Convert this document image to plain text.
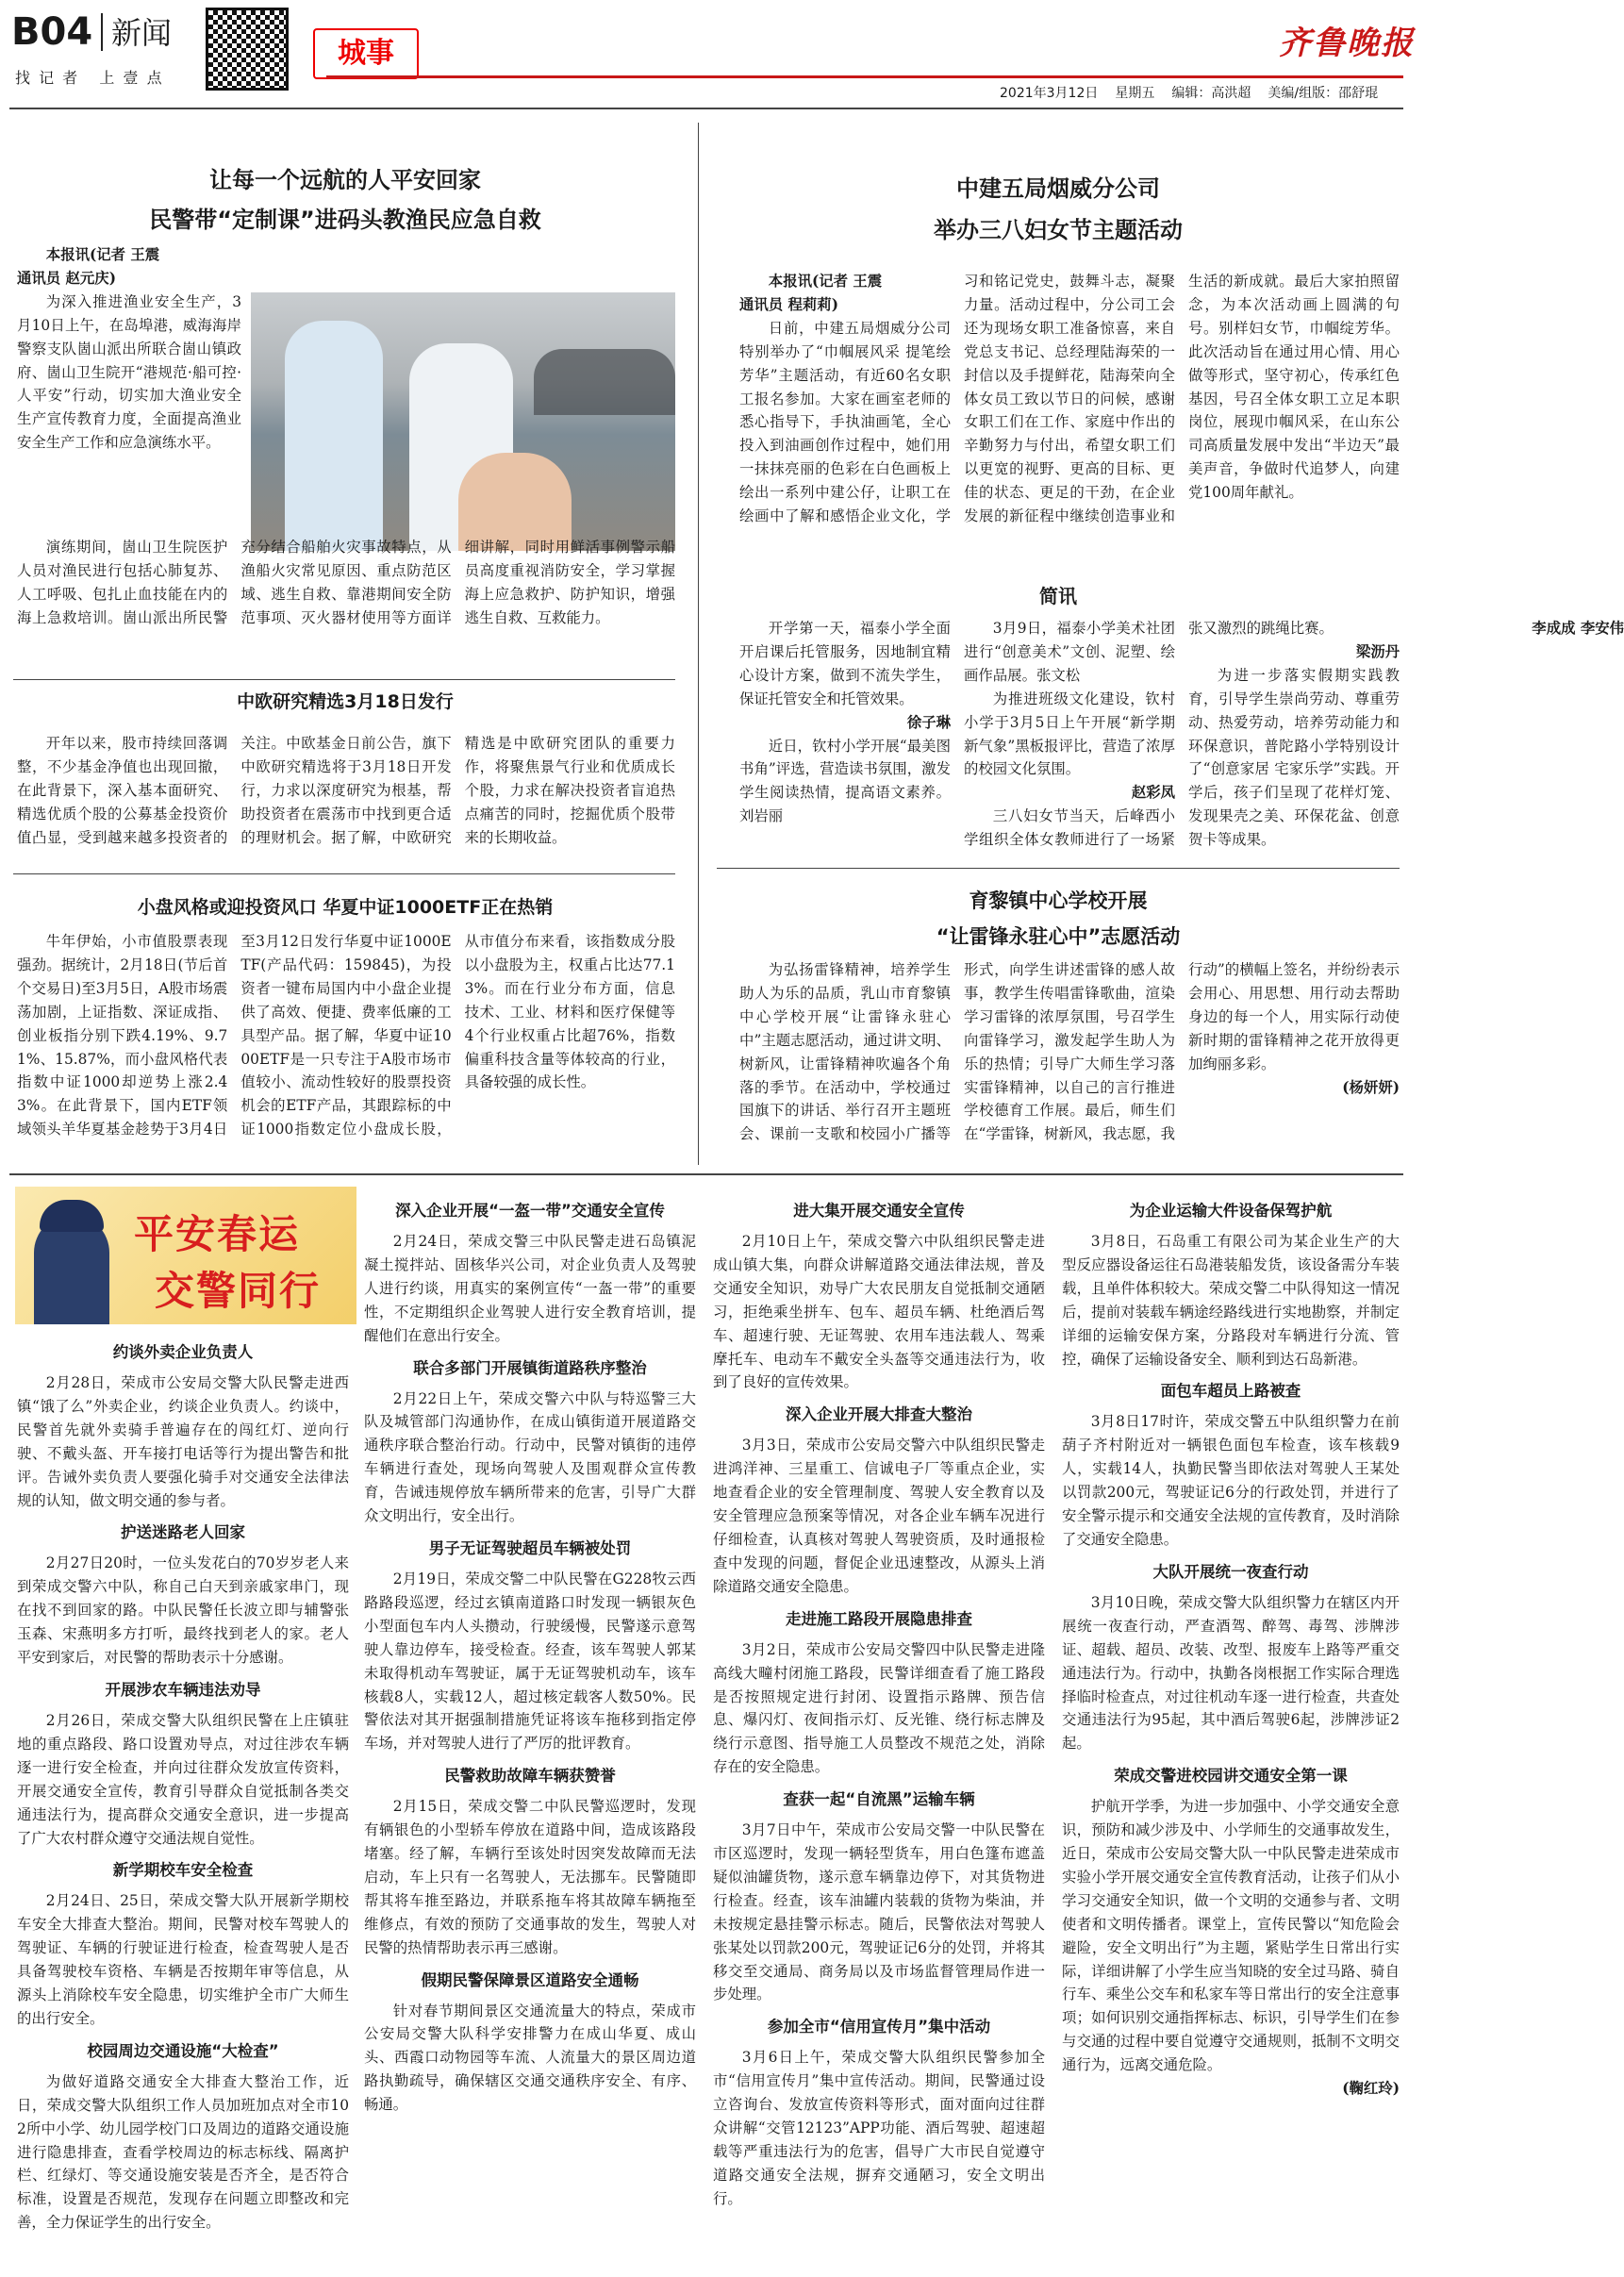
B04 新闻
找 记 者   上 壹 点
城事	齐鲁晚报
2021年3月12日 星期五 编辑：高洪超 美编/组版：邵舒琨
让每一个远航的人平安回家
民警带“定制课”进码头教渔民应急自救

本报讯(记者 王震

通讯员 赵元庆)

为深入推进渔业安全生产，3月10日上午，在岛埠港，威海海岸警察支队崮山派出所联合崮山镇政府、崮山卫生院开“港规范·船可控·人平安”行动，切实加大渔业安全生产宣传教育力度，全面提高渔业安全生产工作和应急演练水平。

演练期间，崮山卫生院医护人员对渔民进行包括心肺复苏、人工呼吸、包扎止血技能在内的海上急救培训。崮山派出所民警充分结合船舶火灾事故特点，从渔船火灾常见原因、重点防范区域、逃生自救、靠港期间安全防范事项、灭火器材使用等方面详细讲解，同时用鲜活事例警示船员高度重视消防安全，学习掌握海上应急救护、防护知识，增强逃生自救、互救能力。

中欧研究精选3月18日发行

开年以来，股市持续回落调整，不少基金净值也出现回撤，在此背景下，深入基本面研究、精选优质个股的公募基金投资价值凸显，受到越来越多投资者的关注。中欧基金日前公告，旗下中欧研究精选将于3月18日开发行，力求以深度研究为根基，帮助投资者在震荡市中找到更合适的理财机会。据了解，中欧研究精选是中欧研究团队的重要力作，将聚焦景气行业和优质成长个股，力求在解决投资者盲追热点痛苦的同时，挖掘优质个股带来的长期收益。

小盘风格或迎投资风口 华夏中证1000ETF正在热销

牛年伊始，小市值股票表现强劲。据统计，2月18日(节后首个交易日)至3月5日，A股市场震荡加剧，上证指数、深证成指、创业板指分别下跌4.19%、9.71%、15.87%，而小盘风格代表指数中证1000却逆势上涨2.43%。在此背景下，国内ETF领域领头羊华夏基金趁势于3月4日至3月12日发行华夏中证1000ETF(产品代码：159845)，为投资者一键布局国内中小盘企业提供了高效、便捷、费率低廉的工具型产品。据了解，华夏中证1000ETF是一只专注于A股市场市值较小、流动性较好的股票投资机会的ETF产品，其跟踪标的中证1000指数定位小盘成长股，从市值分布来看，该指数成分股以小盘股为主，权重占比达77.13%。而在行业分布方面，信息技术、工业、材料和医疗保健等4个行业权重占比超76%，指数偏重科技含量等体较高的行业，具备较强的成长性。

中建五局烟威分公司
举办三八妇女节主题活动

本报讯(记者 王震

通讯员 程莉莉)

日前，中建五局烟威分公司特别举办了“巾帼展风采 提笔绘芳华”主题活动，有近60名女职工报名参加。大家在画室老师的悉心指导下，手执油画笔，全心投入到油画创作过程中，她们用一抹抹亮丽的色彩在白色画板上绘出一系列中建公仔，让职工在绘画中了解和感悟企业文化，学习和铭记党史，鼓舞斗志，凝聚力量。活动过程中，分公司工会还为现场女职工准备惊喜，来自党总支书记、总经理陆海荣的一封信以及手提鲜花，陆海荣向全体女员工致以节日的问候，感谢女职工们在工作、家庭中作出的辛勤努力与付出，希望女职工们以更宽的视野、更高的目标、更佳的状态、更足的干劲，在企业发展的新征程中继续创造事业和生活的新成就。最后大家拍照留念，为本次活动画上圆满的句号。别样妇女节，巾帼绽芳华。此次活动旨在通过用心情、用心做等形式，坚守初心，传承红色基因，号召全体女职工立足本职岗位，展现巾帼风采，在山东公司高质量发展中发出“半边天”最美声音，争做时代追梦人，向建党100周年献礼。

简讯

开学第一天，福泰小学全面开启课后托管服务，因地制宜精心设计方案，做到不流失学生，保证托管安全和托管效果。

徐子琳

近日，钦村小学开展“最美图书角”评选，营造读书氛围，激发学生阅读热情，提高语文素养。刘岩丽

3月9日，福泰小学美术社团进行“创意美术”文创、泥塑、绘画作品展。张文松

为推进班级文化建设，钦村小学于3月5日上午开展“新学期 新气象”黑板报评比，营造了浓厚的校园文化氛围。

赵彩凤

三八妇女节当天，后峰西小学组织全体女教师进行了一场紧张又激烈的跳绳比赛。

梁沥丹

为进一步落实假期实践教育，引导学生崇尚劳动、尊重劳动、热爱劳动，培养劳动能力和环保意识，普陀路小学特别设计了“创意家居 宅家乐学”实践。开学后，孩子们呈现了花样灯笼、发现果壳之美、环保花盆、创意贺卡等成果。

李成成 李安伟
育黎镇中心学校开展
“让雷锋永驻心中”志愿活动

为弘扬雷锋精神，培养学生助人为乐的品质，乳山市育黎镇中心学校开展“让雷锋永驻心中”主题志愿活动，通过讲文明、树新风，让雷锋精神吹遍各个角落的季节。在活动中，学校通过国旗下的讲话、举行召开主题班会、课前一支歌和校园小广播等形式，向学生讲述雷锋的感人故事，教学生传唱雷锋歌曲，渲染学习雷锋的浓厚氛围，号召学生向雷锋学习，激发起学生助人为乐的热情；引导广大师生学习落实雷锋精神，以自己的言行推进学校德育工作展。最后，师生们在“学雷锋，树新风，我志愿，我行动”的横幅上签名，并纷纷表示会用心、用思想、用行动去帮助身边的每一个人，用实际行动使新时期的雷锋精神之花开放得更加绚丽多彩。

(杨妍妍)
平安春运
交警同行
约谈外卖企业负责人

2月28日，荣成市公安局交警大队民警走进西镇“饿了么”外卖企业，约谈企业负责人。约谈中，民警首先就外卖骑手普遍存在的闯红灯、逆向行驶、不戴头盔、开车接打电话等行为提出警告和批评。告诫外卖负责人要强化骑手对交通安全法律法规的认知，做文明交通的参与者。

护送迷路老人回家

2月27日20时，一位头发花白的70岁岁老人来到荣成交警六中队，称自己白天到亲戚家串门，现在找不到回家的路。中队民警任长波立即与辅警张玉森、宋燕明多方打听，最终找到老人的家。老人平安到家后，对民警的帮助表示十分感谢。

开展涉农车辆违法劝导

2月26日，荣成交警大队组织民警在上庄镇驻地的重点路段、路口设置劝导点，对过往涉农车辆逐一进行安全检查，并向过往群众发放宣传资料，开展交通安全宣传，教育引导群众自觉抵制各类交通违法行为，提高群众交通安全意识，进一步提高了广大农村群众遵守交通法规自觉性。

新学期校车安全检查

2月24日、25日，荣成交警大队开展新学期校车安全大排查大整治。期间，民警对校车驾驶人的驾驶证、车辆的行驶证进行检查，检查驾驶人是否具备驾驶校车资格、车辆是否按期年审等信息，从源头上消除校车安全隐患，切实维护全市广大师生的出行安全。

校园周边交通设施“大检查”

为做好道路交通安全大排查大整治工作，近日，荣成交警大队组织工作人员加班加点对全市102所中小学、幼儿园学校门口及周边的道路交通设施进行隐患排查，查看学校周边的标志标线、隔离护栏、红绿灯、等交通设施安装是否齐全，是否符合标准，设置是否规范，发现存在问题立即整改和完善，全力保证学生的出行安全。

深入企业开展“一盔一带”交通安全宣传

2月24日，荣成交警三中队民警走进石岛镇泥凝土搅拌站、固核华兴公司，对企业负责人及驾驶人进行约谈，用真实的案例宣传“一盔一带”的重要性，不定期组织企业驾驶人进行安全教育培训，提醒他们在意出行安全。

联合多部门开展镇街道路秩序整治

2月22日上午，荣成交警六中队与特巡警三大队及城管部门沟通协作，在成山镇街道开展道路交通秩序联合整治行动。行动中，民警对镇街的违停车辆进行查处，现场向驾驶人及围观群众宣传教育，告诫违规停放车辆所带来的危害，引导广大群众文明出行，安全出行。

男子无证驾驶超员车辆被处罚

2月19日，荣成交警二中队民警在G228牧云西路路段巡逻，经过玄镇南道路口时发现一辆银灰色小型面包车内人头攒动，行驶缓慢，民警遂示意驾驶人靠边停车，接受检查。经查，该车驾驶人郭某未取得机动车驾驶证，属于无证驾驶机动车，该车核载8人，实载12人，超过核定载客人数50%。民警依法对其开据强制措施凭证将该车拖移到指定停车场，并对驾驶人进行了严厉的批评教育。

民警救助故障车辆获赞誉

2月15日，荣成交警二中队民警巡逻时，发现有辆银色的小型轿车停放在道路中间，造成该路段堵塞。经了解，车辆行至该处时因突发故障而无法启动，车上只有一名驾驶人，无法挪车。民警随即帮其将车推至路边，并联系拖车将其故障车辆拖至维修点，有效的预防了交通事故的发生，驾驶人对民警的热情帮助表示再三感谢。

假期民警保障景区道路安全通畅

针对春节期间景区交通流量大的特点，荣成市公安局交警大队科学安排警力在成山华夏、成山头、西霞口动物园等车流、人流量大的景区周边道路执勤疏导，确保辖区交通交通秩序安全、有序、畅通。

进大集开展交通安全宣传

2月10日上午，荣成交警六中队组织民警走进成山镇大集，向群众讲解道路交通法律法规，普及交通安全知识，劝导广大农民朋友自觉抵制交通陋习，拒绝乘坐拼车、包车、超员车辆、杜绝酒后驾车、超速行驶、无证驾驶、农用车违法载人、驾乘摩托车、电动车不戴安全头盔等交通违法行为，收到了良好的宣传效果。

深入企业开展大排查大整治

3月3日，荣成市公安局交警六中队组织民警走进鸿洋神、三星重工、信诚电子厂等重点企业，实地查看企业的安全管理制度、驾驶人安全教育以及安全管理应急预案等情况，对各企业车辆车况进行仔细检查，认真核对驾驶人驾驶资质，及时通报检查中发现的问题，督促企业迅速整改，从源头上消除道路交通安全隐患。

走进施工路段开展隐患排查

3月2日，荣成市公安局交警四中队民警走进隆高线大疃村闭施工路段，民警详细查看了施工路段是否按照规定进行封闭、设置指示路牌、预告信息、爆闪灯、夜间指示灯、反光锥、绕行标志牌及绕行示意图、指导施工人员整改不规范之处，消除存在的安全隐患。

查获一起“自流黑”运输车辆

3月7日中午，荣成市公安局交警一中队民警在市区巡逻时，发现一辆轻型货车，用白色篷布遮盖疑似油罐货物，遂示意车辆靠边停下，对其货物进行检查。经查，该车油罐内装载的货物为柴油，并未按规定悬挂警示标志。随后，民警依法对驾驶人张某处以罚款200元，驾驶证记6分的处罚，并将其移交至交通局、商务局以及市场监督管理局作进一步处理。

参加全市“信用宣传月”集中活动

3月6日上午，荣成交警大队组织民警参加全市“信用宣传月”集中宣传活动。期间，民警通过设立咨询台、发放宣传资料等形式，面对面向过往群众讲解“交管12123”APP功能、酒后驾驶、超速超载等严重违法行为的危害，倡导广大市民自觉遵守道路交通安全法规，摒弃交通陋习，安全文明出行。

为企业运输大件设备保驾护航

3月8日，石岛重工有限公司为某企业生产的大型反应器设备运往石岛港装船发货，该设备需分车装载，且单件体积较大。荣成交警二中队得知这一情况后，提前对装载车辆途经路线进行实地勘察，并制定详细的运输安保方案，分路段对车辆进行分流、管控，确保了运输设备安全、顺利到达石岛新港。

面包车超员上路被查

3月8日17时许，荣成交警五中队组织警力在前葫子齐村附近对一辆银色面包车检查，该车核载9人，实载14人，执勤民警当即依法对驾驶人王某处以罚款200元，驾驶证记6分的行政处罚，并进行了安全警示提示和交通安全法规的宣传教育，及时消除了交通安全隐患。

大队开展统一夜查行动

3月10日晚，荣成交警大队组织警力在辖区内开展统一夜查行动，严查酒驾、醉驾、毒驾、涉牌涉证、超载、超员、改装、改型、报废车上路等严重交通违法行为。行动中，执勤各岗根据工作实际合理选择临时检查点，对过往机动车逐一进行检查，共查处交通违法行为95起，其中酒后驾驶6起，涉牌涉证2起。

荣成交警进校园讲交通安全第一课

护航开学季，为进一步加强中、小学交通安全意识，预防和减少涉及中、小学师生的交通事故发生，近日，荣成市公安局交警大队一中队民警走进荣成市实验小学开展交通安全宣传教育活动，让孩子们从小学习交通安全知识，做一个文明的交通参与者、文明使者和文明传播者。课堂上，宣传民警以“知危险会避险，安全文明出行”为主题，紧贴学生日常出行实际，详细讲解了小学生应当知晓的安全过马路、骑自行车、乘坐公交车和私家车等日常出行的安全注意事项；如何识别交通指挥标志、标识，引导学生们在参与交通的过程中要自觉遵守交通规则，抵制不文明交通行为，远离交通危险。

(鞠红玲)
